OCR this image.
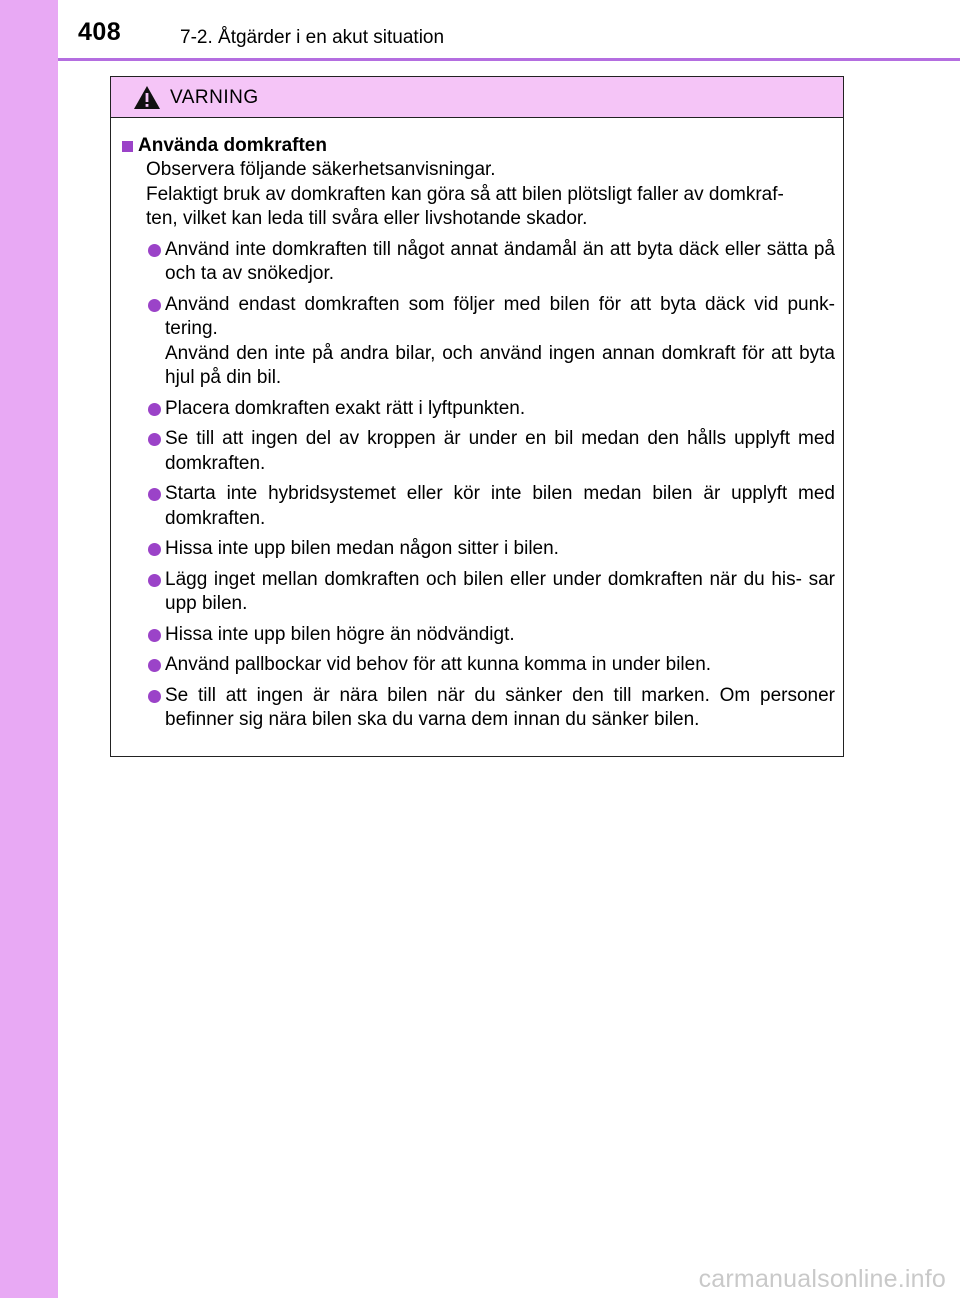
408	7-2. Åtgärder i en akut situation
VARNING
Använda domkraften
Observera följande säkerhetsanvisningar.
Felaktigt bruk av domkraften kan göra så att bilen plötsligt faller av domkraf-
ten, vilket kan leda till svåra eller livshotande skador.
Använd inte domkraften till något annat ändamål än att byta däck eller sätta på och ta av snökedjor.
Använd endast domkraften som följer med bilen för att byta däck vid punk- tering.
Använd den inte på andra bilar, och använd ingen annan domkraft för att byta hjul på din bil.
Placera domkraften exakt rätt i lyftpunkten.
Se till att ingen del av kroppen är under en bil medan den hålls upplyft med domkraften.
Starta inte hybridsystemet eller kör inte bilen medan bilen är upplyft med domkraften.
Hissa inte upp bilen medan någon sitter i bilen.
Lägg inget mellan domkraften och bilen eller under domkraften när du his- sar upp bilen.
Hissa inte upp bilen högre än nödvändigt.
Använd pallbockar vid behov för att kunna komma in under bilen.
Se till att ingen är nära bilen när du sänker den till marken. Om personer befinner sig nära bilen ska du varna dem innan du sänker bilen.
carmanualsonline.info
